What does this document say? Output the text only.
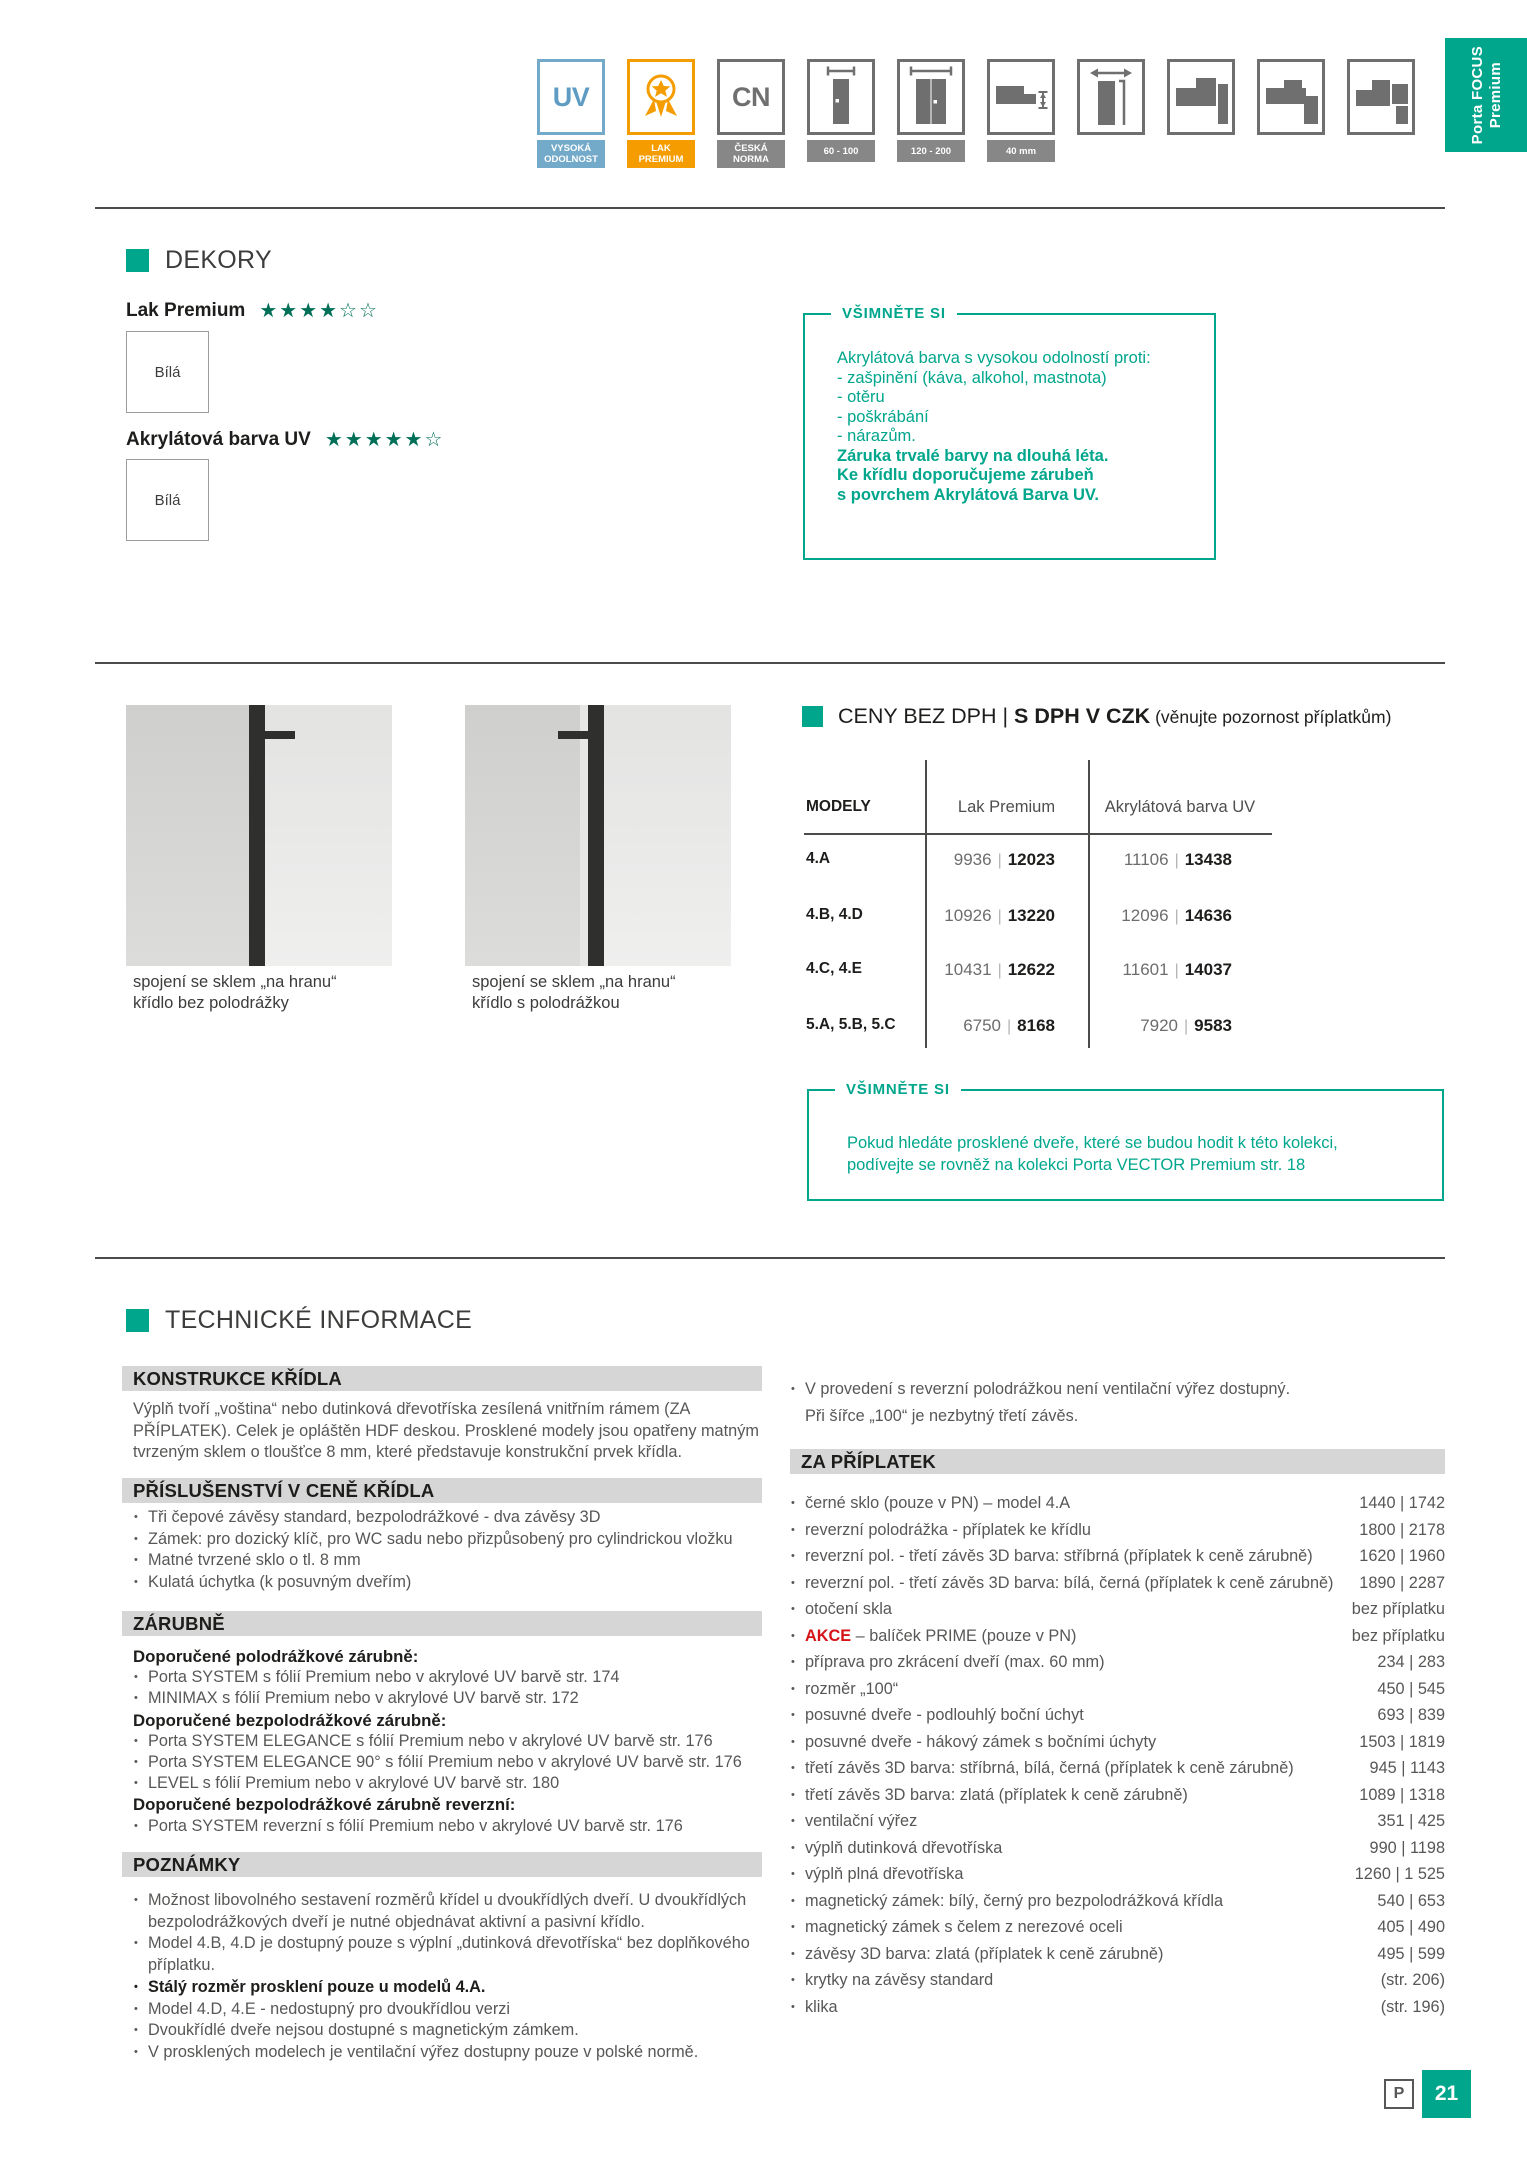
UV
VYSOKÁ ODOLNOST
LAK PREMIUM
CN
ČESKÁ NORMA
60 - 100	120 - 200	40 mm
Porta FOCUS Premium
DEKORY
Lak Premium ★★★★☆☆
Bílá
Akrylátová barva UV ★★★★★☆
Bílá
VŠIMNĚTE SI
Akrylátová barva s vysokou odolností proti:
- zašpinění (káva, alkohol, mastnota)
- otěru
- poškrábání
- nárazům.
Záruka trvalé barvy na dlouhá léta.
Ke křídlu doporučujeme zárubeň
s povrchem Akrylátová Barva UV.
spojení se sklem „na hranu“
křídlo bez polodrážky
spojení se sklem „na hranu“
křídlo s polodrážkou
CENY BEZ DPH | S DPH V CZK (věnujte pozornost příplatkům)
MODELY	Lak Premium	Akrylátová barva UV
4.A	9936 | 12023	11106 | 13438
4.B, 4.D	10926 | 13220	12096 | 14636
4.C, 4.E	10431 | 12622	11601 | 14037
5.A, 5.B, 5.C	6750 | 8168	7920 | 9583
VŠIMNĚTE SI
Pokud hledáte prosklené dveře, které se budou hodit k této kolekci,
podívejte se rovněž na kolekci Porta VECTOR Premium str. 18
TECHNICKÉ INFORMACE
KONSTRUKCE KŘÍDLA
Výplň tvoří „voština“ nebo dutinková dřevotříska zesílená vnitřním rámem (ZA PŘÍPLATEK). Celek je opláštěn HDF deskou. Prosklené modely jsou opatřeny matným tvrzeným sklem o tloušťce 8 mm, které představuje konstrukční prvek křídla.
PŘÍSLUŠENSTVÍ V CENĚ KŘÍDLA
• Tři čepové závěsy standard, bezpolodrážkové - dva závěsy 3D
• Zámek: pro dozický klíč, pro WC sadu nebo přizpůsobený pro cylindrickou vložku
• Matné tvrzené sklo o tl. 8 mm
• Kulatá úchytka (k posuvným dveřím)
ZÁRUBNĚ
Doporučené polodrážkové zárubně:
• Porta SYSTEM s fólií Premium nebo v akrylové UV barvě str. 174
• MINIMAX s fólií Premium nebo v akrylové UV barvě str. 172
Doporučené bezpolodrážkové zárubně:
• Porta SYSTEM ELEGANCE s fólií Premium nebo v akrylové UV barvě str. 176
• Porta SYSTEM ELEGANCE 90° s fólií Premium nebo v akrylové UV barvě str. 176
• LEVEL s fólií Premium nebo v akrylové UV barvě str. 180
Doporučené bezpolodrážkové zárubně reverzní:
• Porta SYSTEM reverzní s fólií Premium nebo v akrylové UV barvě str. 176
POZNÁMKY
• Možnost libovolného sestavení rozměrů křídel u dvoukřídlých dveří. U dvoukřídlých bezpolodrážkových dveří je nutné objednávat aktivní a pasivní křídlo.
• Model 4.B, 4.D je dostupný pouze s výplní „dutinková dřevotříska“ bez doplňkového příplatku.
• Stálý rozměr prosklení pouze u modelů 4.A.
• Model 4.D, 4.E - nedostupný pro dvoukřídlou verzi
• Dvoukřídlé dveře nejsou dostupné s magnetickým zámkem.
• V prosklených modelech je ventilační výřez dostupny pouze v polské normě.
• V provedení s reverzní polodrážkou není ventilační výřez dostupný.
Při šířce „100“ je nezbytný třetí závěs.
ZA PŘÍPLATEK
• černé sklo (pouze v PN) – model 4.A	1440 | 1742
• reverzní polodrážka - příplatek ke křídlu	1800 | 2178
• reverzní pol. - třetí závěs 3D barva: stříbrná (příplatek k ceně zárubně)	1620 | 1960
• reverzní pol. - třetí závěs 3D barva: bílá, černá (příplatek k ceně zárubně)	1890 | 2287
• otočení skla	bez příplatku
• AKCE – balíček PRIME (pouze v PN)	bez příplatku
• příprava pro zkrácení dveří (max. 60 mm)	234 | 283
• rozměr „100“	450 | 545
• posuvné dveře - podlouhlý boční úchyt	693 | 839
• posuvné dveře - hákový zámek s bočními úchyty	1503 | 1819
• třetí závěs 3D barva: stříbrná, bílá, černá (příplatek k ceně zárubně)	945 | 1143
• třetí závěs 3D barva: zlatá (příplatek k ceně zárubně)	1089 | 1318
• ventilační výřez	351 | 425
• výplň dutinková dřevotříska	990 | 1198
• výplň plná dřevotříska	1260 | 1 525
• magnetický zámek: bílý, černý pro bezpolodrážková křídla	540 | 653
• magnetický zámek s čelem z nerezové oceli	405 | 490
• závěsy 3D barva: zlatá (příplatek k ceně zárubně)	495 | 599
• krytky na závěsy standard	(str. 206)
• klika	(str. 196)
P	21
